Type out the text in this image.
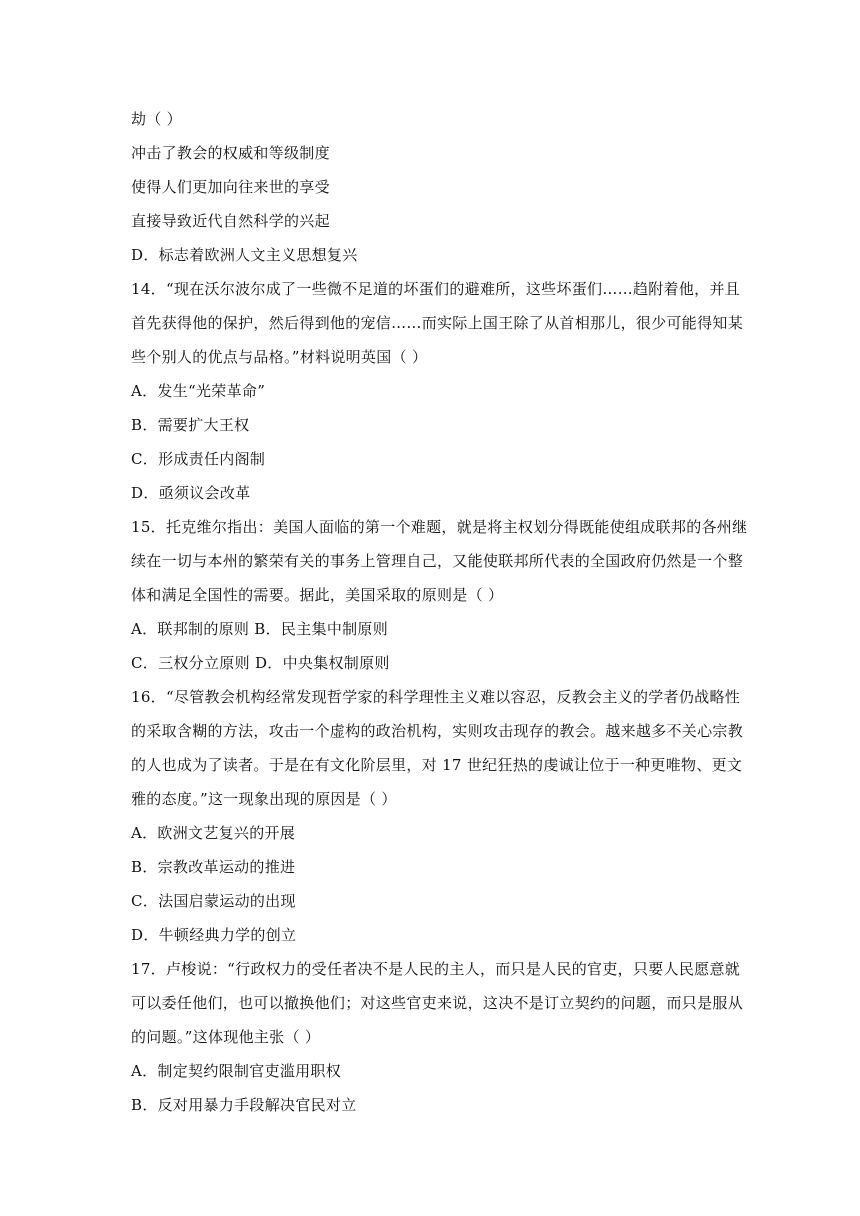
劫（ ）
冲击了教会的权威和等级制度
使得人们更加向往来世的享受
直接导致近代自然科学的兴起
D．标志着欧洲人文主义思想复兴
14．“现在沃尔波尔成了一些微不足道的坏蛋们的避难所，这些坏蛋们……趋附着他，并且
首先获得他的保护，然后得到他的宠信……而实际上国王除了从首相那儿，很少可能得知某
些个别人的优点与品格。”材料说明英国（ ）
A．发生“光荣革命”
B．需要扩大王权
C．形成责任内阁制
D．亟须议会改革
15．托克维尔指出：美国人面临的第一个难题，就是将主权划分得既能使组成联邦的各州继
续在一切与本州的繁荣有关的事务上管理自己，又能使联邦所代表的全国政府仍然是一个整
体和满足全国性的需要。据此，美国采取的原则是（ ）
A．联邦制的原则 B．民主集中制原则
C．三权分立原则 D．中央集权制原则
16．“尽管教会机构经常发现哲学家的科学理性主义难以容忍，反教会主义的学者仍战略性
的采取含糊的方法，攻击一个虚构的政治机构，实则攻击现存的教会。越来越多不关心宗教
的人也成为了读者。于是在有文化阶层里，对 17 世纪狂热的虔诚让位于一种更唯物、更文
雅的态度。”这一现象出现的原因是（ ）
A．欧洲文艺复兴的开展
B．宗教改革运动的推进
C．法国启蒙运动的出现
D．牛顿经典力学的创立
17．卢梭说：“行政权力的受任者决不是人民的主人，而只是人民的官吏，只要人民愿意就
可以委任他们，也可以撤换他们；对这些官吏来说，这决不是订立契约的问题，而只是服从
的问题。”这体现他主张（ ）
A．制定契约限制官吏滥用职权
B．反对用暴力手段解决官民对立
